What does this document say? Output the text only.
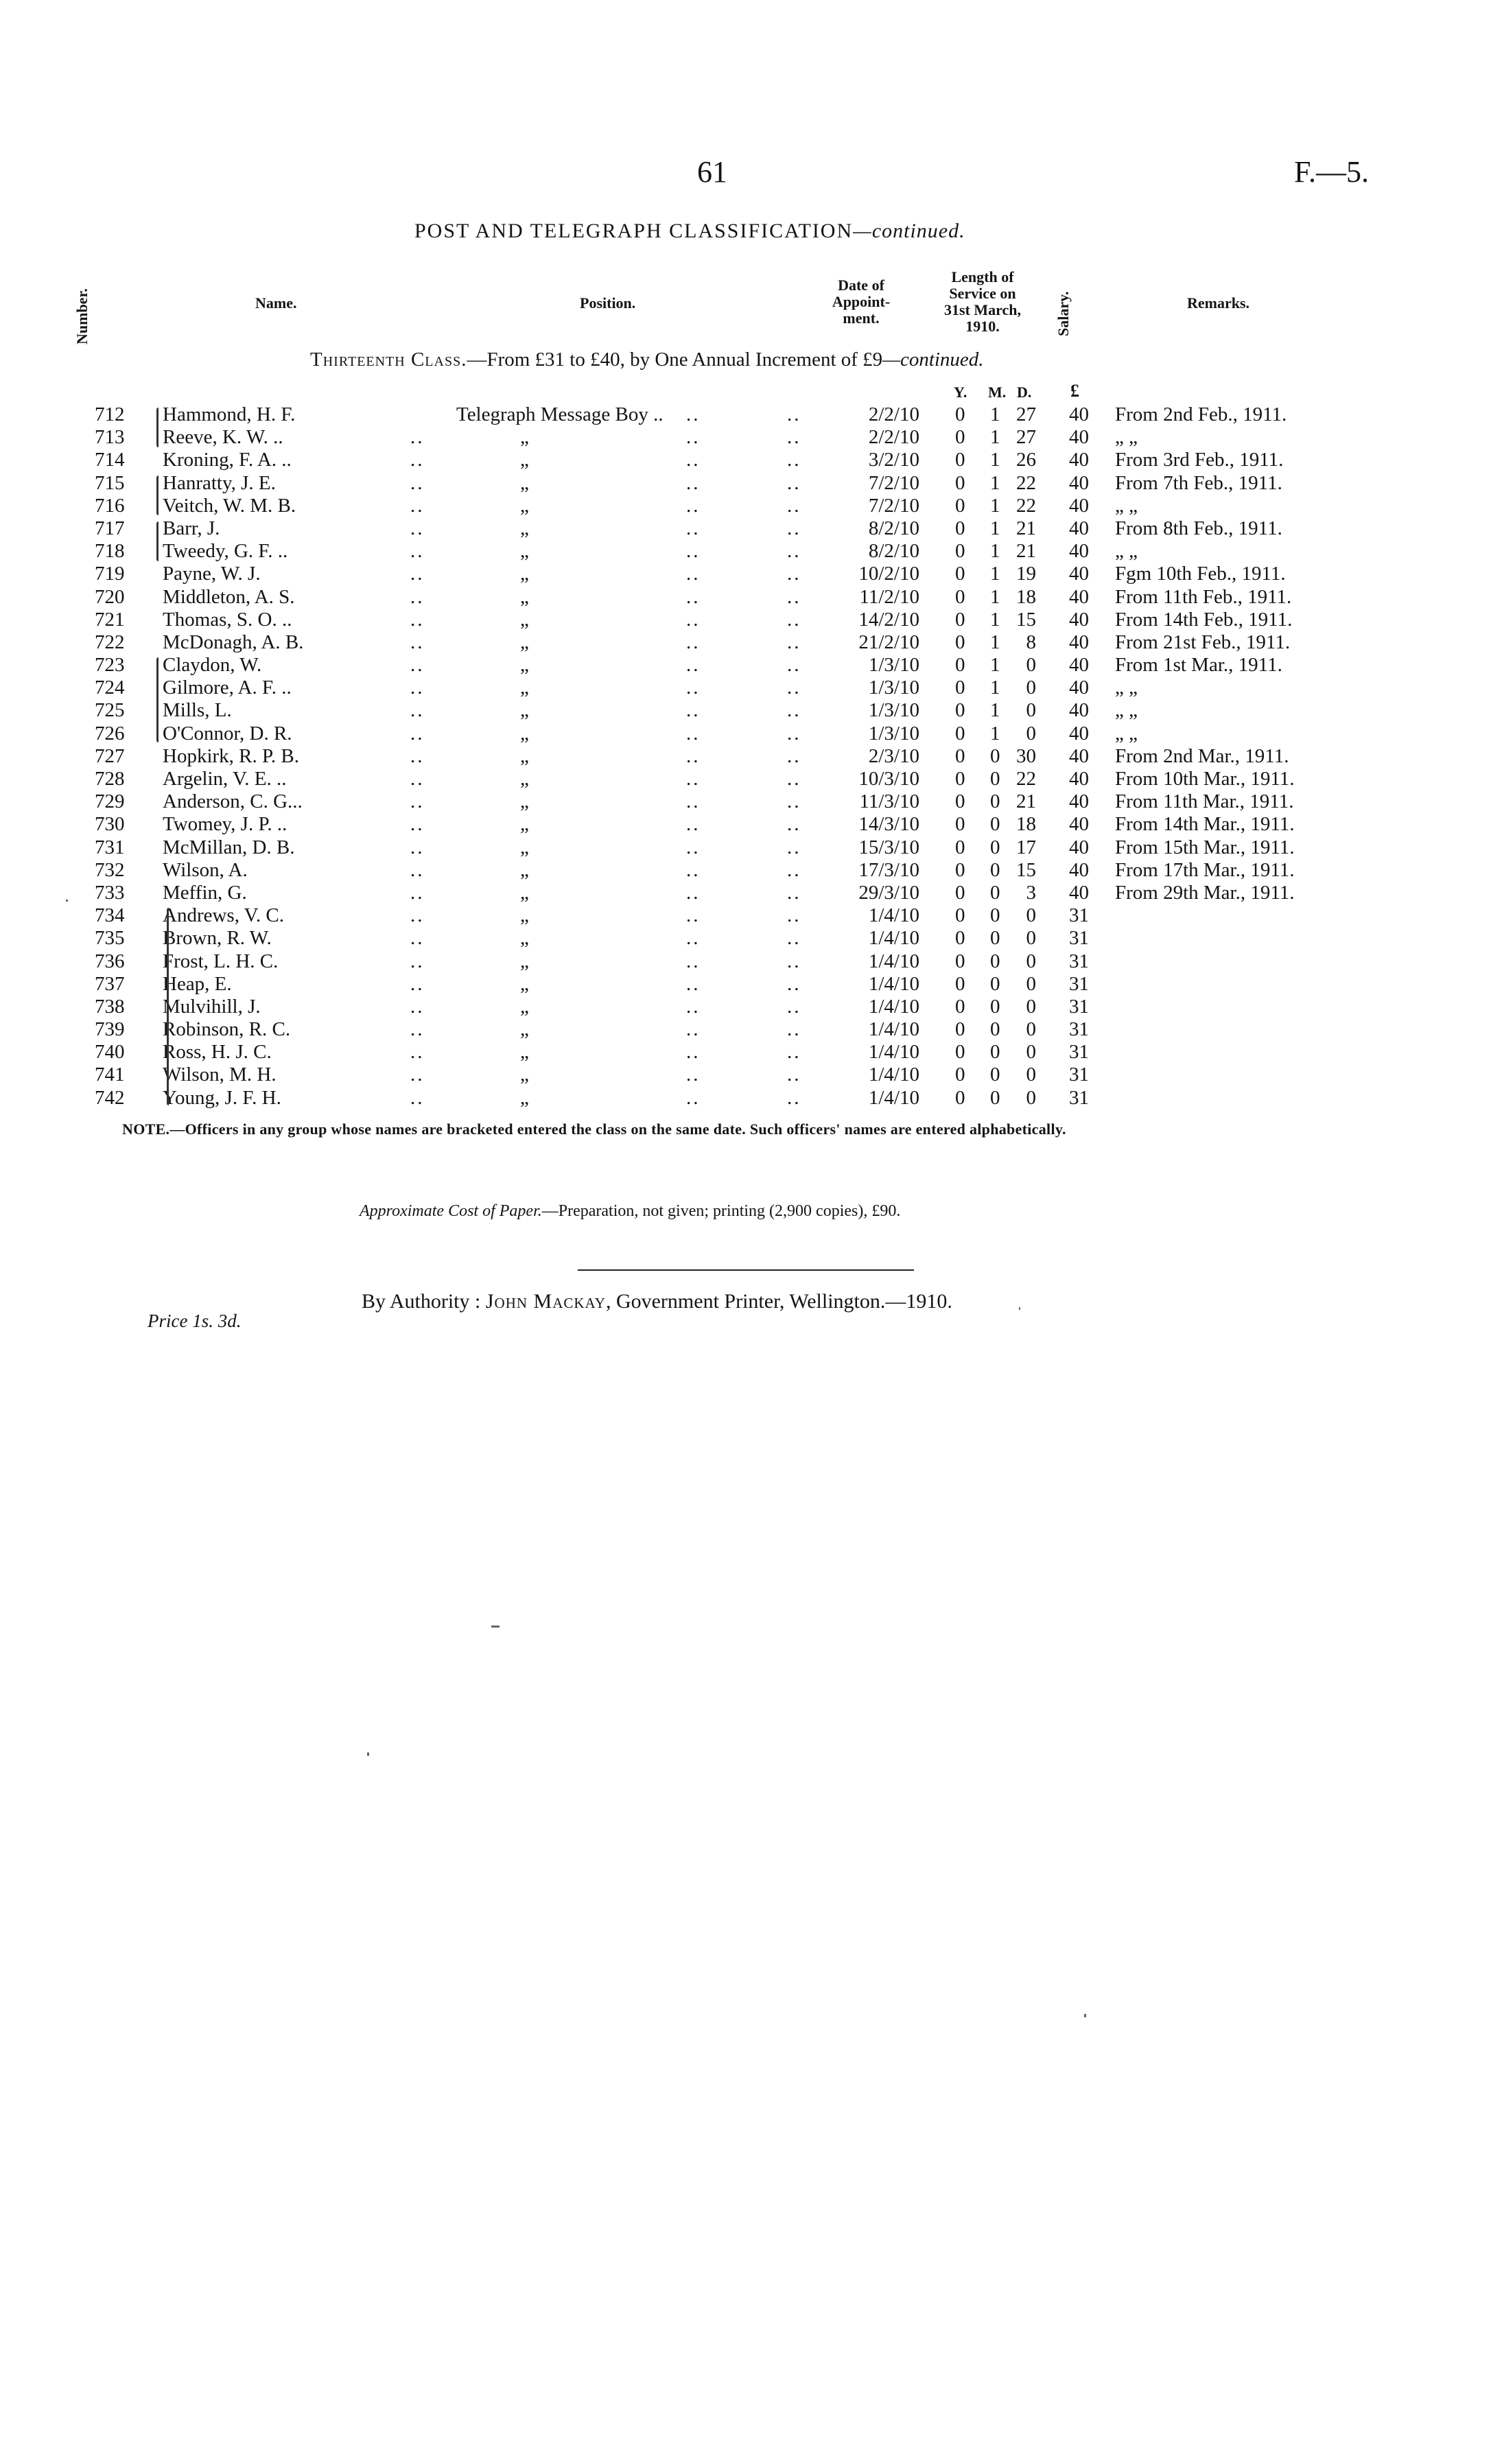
61	F.—5.
POST AND TELEGRAPH CLASSIFICATION—continued.
Number.	Name.	Position.
Date of
Appoint-
ment.
Length of
Service on
31st March,
1910.	Salary.	Remarks.
Thirteenth Class.—From £31 to £40, by One Annual Increment of £9—continued.
Y. M. D. £
712 Hammond, H. F.	Telegraph Message Boy .. ..	..	2/2/10 0 1 27 40 From 2nd Feb., 1911.
713 Reeve, K. W. ..	..	„	..	..	2/2/10 0 1 27 40 „ „
714 Kroning, F. A. ..	..	„	..	..	3/2/10 0 1 26 40 From 3rd Feb., 1911.
715 Hanratty, J. E.	..	„	..	..	7/2/10 0 1 22 40 From 7th Feb., 1911.
716 Veitch, W. M. B.	..	„	..	..	7/2/10 0 1 22 40 „ „
717 Barr, J.	..	„	..	..	8/2/10 0 1 21 40 From 8th Feb., 1911.
718 Tweedy, G. F. ..	..	„	..	..	8/2/10 0 1 21 40 „ „
719 Payne, W. J.	..	„	..	..	10/2/10 0 1 19 40 Fgm 10th Feb., 1911.
720 Middleton, A. S.	..	„	..	..	11/2/10 0 1 18 40 From 11th Feb., 1911.
721 Thomas, S. O. ..	..	„	..	..	14/2/10 0 1 15 40 From 14th Feb., 1911.
722 McDonagh, A. B.	..	„	..	..	21/2/10 0 1	8 40 From 21st Feb., 1911.
723 Claydon, W.	..	„	..	..	1/3/10 0 1	0 40 From 1st Mar., 1911.
724 Gilmore, A. F. ..	..	„	..	..	1/3/10 0 1	0 40 „ „
725 Mills, L.	..	„	..	..	1/3/10 0 1	0 40 „ „
726 O'Connor, D. R.	..	„	..	..	1/3/10 0 1	0 40 „ „
727 Hopkirk, R. P. B.	..	„	..	..	2/3/10 0 0 30 40 From 2nd Mar., 1911.
728 Argelin, V. E. ..	..	„	..	..	10/3/10 0 0 22 40 From 10th Mar., 1911.
729 Anderson, C. G...	..	„	..	..	11/3/10 0 0 21 40 From 11th Mar., 1911.
730 Twomey, J. P. ..	..	„	..	..	14/3/10 0 0 18 40 From 14th Mar., 1911.
731 McMillan, D. B.	..	„	..	..	15/3/10 0 0 17 40 From 15th Mar., 1911.
732 Wilson, A.	..	„	..	..	17/3/10 0 0 15 40 From 17th Mar., 1911.
733 Meffin, G.	..	„	..	..	29/3/10 0 0	3 40 From 29th Mar., 1911.
734 Andrews, V. C.	..	„	..	..	1/4/10 0 0	0 31
735 Brown, R. W.	..	„	..	..	1/4/10 0 0	0 31
736 Frost, L. H. C.	..	„	..	..	1/4/10 0 0	0 31
737 Heap, E.	..	„	..	..	1/4/10 0 0	0 31
738 Mulvihill, J.	..	„	..	..	1/4/10 0 0	0 31
739 Robinson, R. C.	..	„	..	..	1/4/10 0 0	0 31
740 Ross, H. J. C.	..	„	..	..	1/4/10 0 0	0 31
741 Wilson, M. H.	..	„	..	..	1/4/10 0 0	0 31
742 Young, J. F. H.	..	„	..	..	1/4/10 0 0	0 31
NOTE.—Officers in any group whose names are bracketed entered the class on the same date. Such officers' names are entered alphabetically.
Approximate Cost of Paper.—Preparation, not given; printing (2,900 copies), £90.
By Authority : John Mackay, Government Printer, Wellington.—1910.
Price 1s. 3d.
